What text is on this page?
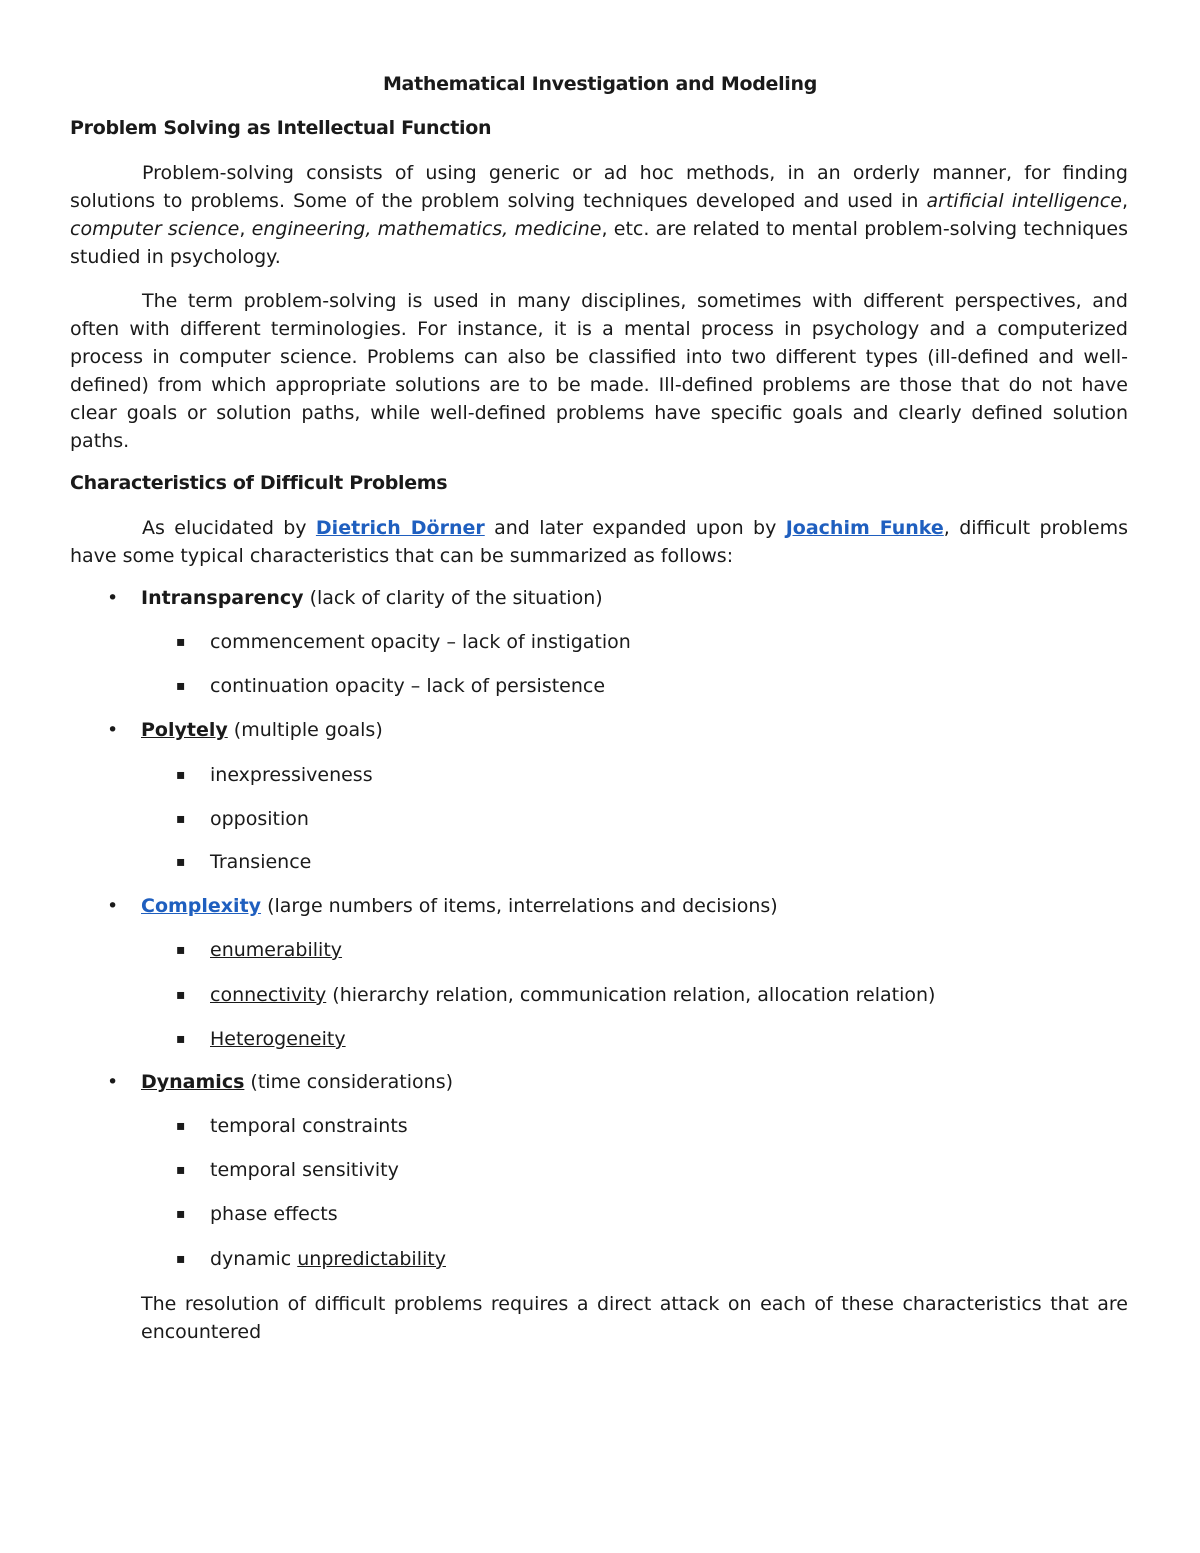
Mathematical Investigation and Modeling
Problem Solving as Intellectual Function
Problem-solving consists of using generic or ad hoc methods, in an orderly manner, for finding solutions to problems. Some of the problem solving techniques developed and used in artificial intelligence, computer science, engineering, mathematics, medicine, etc. are related to mental problem-solving techniques studied in psychology.
The term problem-solving is used in many disciplines, sometimes with different perspectives, and often with different terminologies. For instance, it is a mental process in psychology and a computerized process in computer science. Problems can also be classified into two different types (ill-defined and well-defined) from which appropriate solutions are to be made. Ill-defined problems are those that do not have clear goals or solution paths, while well-defined problems have specific goals and clearly defined solution paths.
Characteristics of Difficult Problems
As elucidated by Dietrich Dörner and later expanded upon by Joachim Funke, difficult problems have some typical characteristics that can be summarized as follows:
• Intransparency (lack of clarity of the situation)
▪ commencement opacity – lack of instigation
▪ continuation opacity – lack of persistence
• Polytely (multiple goals)
▪ inexpressiveness
▪ opposition
▪ Transience
• Complexity (large numbers of items, interrelations and decisions)
▪ enumerability
▪ connectivity (hierarchy relation, communication relation, allocation relation)
▪ Heterogeneity
• Dynamics (time considerations)
▪ temporal constraints
▪ temporal sensitivity
▪ phase effects
▪ dynamic unpredictability
The resolution of difficult problems requires a direct attack on each of these characteristics that are encountered
